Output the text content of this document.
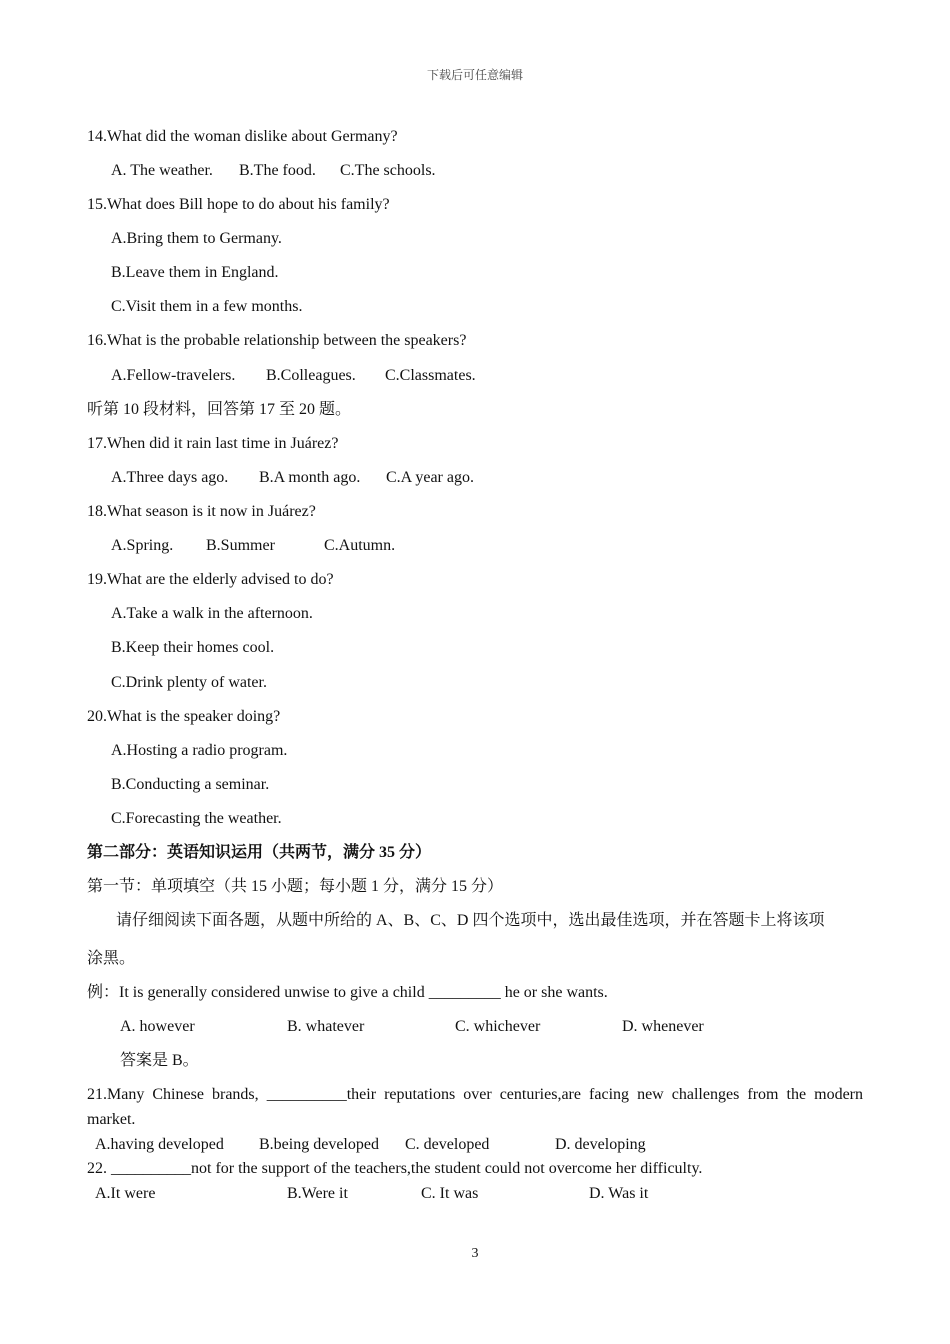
下载后可任意编辑
14.What did the woman dislike about Germany?
A. The weather. B.The food. C.The schools.
15.What does Bill hope to do about his family?
A.Bring them to Germany.
B.Leave them in England.
C.Visit them in a few months.
16.What is the probable relationship between the speakers?
A.Fellow-travelers. B.Colleagues. C.Classmates.
听第 10 段材料，回答第 17 至 20 题。
17.When did it rain last time in Juárez?
A.Three days ago. B.A month ago. C.A year ago.
18.What season is it now in Juárez?
A.Spring. B.Summer	C.Autumn.
19.What are the elderly advised to do?
A.Take a walk in the afternoon.
B.Keep their homes cool.
C.Drink plenty of water.
20.What is the speaker doing?
A.Hosting a radio program.
B.Conducting a seminar.
C.Forecasting the weather.
第二部分：英语知识运用（共两节，满分 35 分）
第一节：单项填空（共 15 小题；每小题 1 分，满分 15 分）
请仔细阅读下面各题，从题中所给的 A、B、C、D 四个选项中，选出最佳选项，并在答题卡上将该项
涂黑。
例：It is generally considered unwise to give a child _________ he or she wants.
A. however	B. whatever	C. whichever	D. whenever
答案是 B。
21.Many Chinese brands, __________their reputations over centuries,are facing new challenges from the modern
market.
A.having developed B.being developed C. developed	D. developing
22. __________not for the support of the teachers,the student could not overcome her difficulty.
A.It were	B.Were it	C. It was	D. Was it
3
